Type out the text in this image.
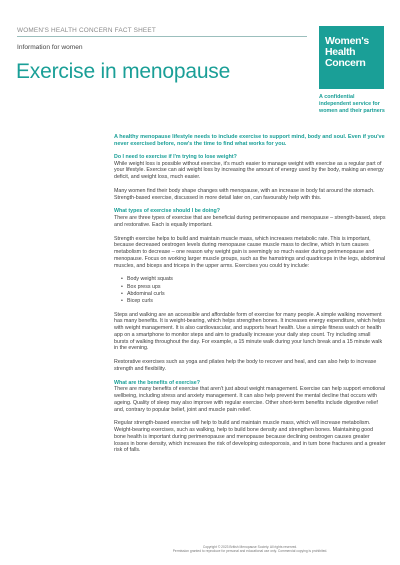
WOMEN'S HEALTH CONCERN FACT SHEET
Information for women
Exercise in menopause
Women's
Health
Concern
A confidential
independent service for
women and their partners

A healthy menopause lifestyle needs to include exercise to support mind, body and soul. Even if you've never exercised before, now's the time to find what works for you.

Do I need to exercise if I'm trying to lose weight?

While weight loss is possible without exercise, it's much easier to manage weight with exercise as a regular part of your lifestyle. Exercise can aid weight loss by increasing the amount of energy used by the body, making an energy deficit, and weight loss, much easier.

Many women find their body shape changes with menopause, with an increase in body fat around the stomach. Strength-based exercise, discussed in more detail later on, can favourably help with this.

What types of exercise should I be doing?

There are three types of exercise that are beneficial during perimenopause and menopause – strength-based, steps and restorative. Each is equally important.

Strength exercise helps to build and maintain muscle mass, which increases metabolic rate. This is important, because decreased oestrogen levels during menopause cause muscle mass to decline, which in turn causes metabolism to decrease – one reason why weight gain is seemingly so much easier during perimenopause and menopause. Focus on working larger muscle groups, such as the hamstrings and quadriceps in the legs, abdominal muscles, and biceps and triceps in the upper arms. Exercises you could try include:

• Body weight squats
• Box press ups
• Abdominal curls
• Bicep curls

Steps and walking are an accessible and affordable form of exercise for many people. A simple walking movement has many benefits. It is weight-bearing, which helps strengthen bones. It increases energy expenditure, which helps with weight management. It is also cardiovascular, and supports heart health. Use a simple fitness watch or health app on a smartphone to monitor steps and aim to gradually increase your daily step count. Try including small bursts of walking throughout the day. For example, a 15 minute walk during your lunch break and a 15 minute walk in the evening.

Restorative exercises such as yoga and pilates help the body to recover and heal, and can also help to increase strength and flexibility.

What are the benefits of exercise?

There are many benefits of exercise that aren't just about weight management. Exercise can help support emotional wellbeing, including stress and anxiety management. It can also help prevent the mental decline that occurs with ageing. Quality of sleep may also improve with regular exercise. Other short-term benefits include digestive relief and, contrary to popular belief, joint and muscle pain relief.

Regular strength-based exercise will help to build and maintain muscle mass, which will increase metabolism. Weight-bearing exercises, such as walking, help to build bone density and strengthen bones. Maintaining good bone health is important during perimenopause and menopause because declining oestrogen causes greater losses in bone density, which increases the risk of developing osteoporosis, and in turn bone fractures and a greater risk of falls.

Copyright © 2023 British Menopause Society. All rights reserved.
Permission granted to reproduce for personal and educational use only. Commercial copying is prohibited.
